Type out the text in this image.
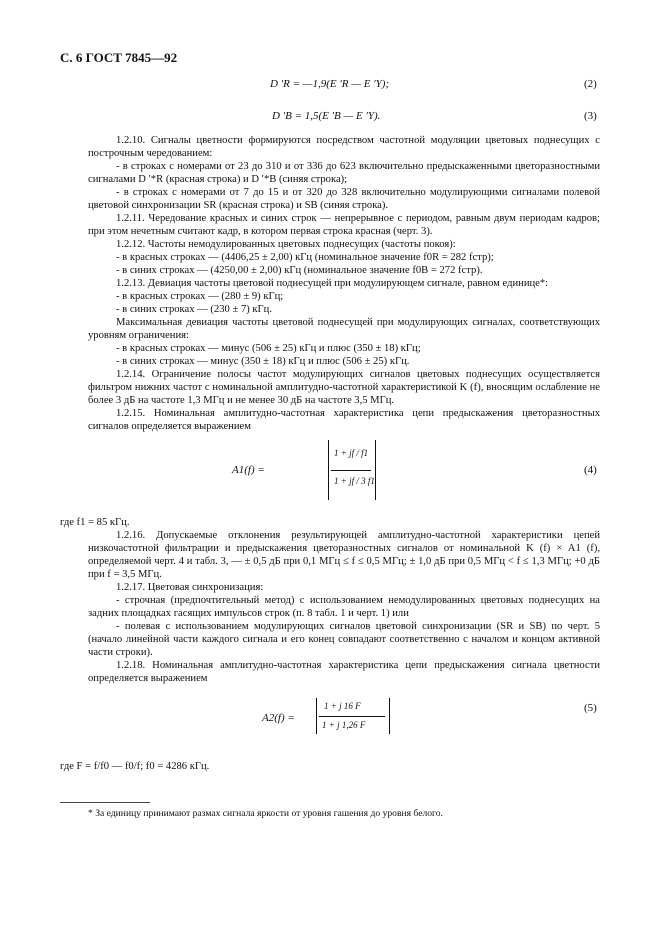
С. 6 ГОСТ 7845—92
D ′R = —1,9(E ′R — E ′Y);	(2)
D ′B = 1,5(E ′B — E ′Y).	(3)
1.2.10. Сигналы цветности формируются посредством частотной модуляции цветовых поднесущих с построчным чередованием:
- в строках с номерами от 23 до 310 и от 336 до 623 включительно предыскаженными цветоразностными сигналами D ′*R (красная строка) и D ′*B (синяя строка);
- в строках с номерами от 7 до 15 и от 320 до 328 включительно модулирующими сигналами полевой цветовой синхронизации SR (красная строка) и SB (синяя строка).
1.2.11. Чередование красных и синих строк — непрерывное с периодом, равным двум периодам кадров; при этом нечетным считают кадр, в котором первая строка красная (черт. 3).
1.2.12. Частоты немодулированных цветовых поднесущих (частоты покоя):
- в красных строках — (4406,25 ± 2,00) кГц (номинальное значение f0R = 282 fстр);
- в синих строках — (4250,00 ± 2,00) кГц (номинальное значение f0B = 272 fстр).
1.2.13. Девиация частоты цветовой поднесущей при модулирующем сигнале, равном единице*:
- в красных строках — (280 ± 9) кГц;
- в синих строках — (230 ± 7) кГц.
Максимальная девиация частоты цветовой поднесущей при модулирующих сигналах, соответствующих уровням ограничения:
- в красных строках — минус (506 ± 25) кГц и плюс (350 ± 18) кГц;
- в синих строках — минус (350 ± 18) кГц и плюс (506 ± 25) кГц.
1.2.14. Ограничение полосы частот модулирующих сигналов цветовых поднесущих осуществляется фильтром нижних частот с номинальной амплитудно-частотной характеристикой K (f), вносящим ослабление не более 3 дБ на частоте 1,3 МГц и не менее 30 дБ на частоте 3,5 МГц.
1.2.15. Номинальная амплитудно-частотная характеристика цепи предыскажения цветоразностных сигналов определяется выражением
A1(f) =
1 + jf / f1
1 + jf / 3 f1
(4)
где f1 = 85 кГц.
1.2.16. Допускаемые отклонения результирующей амплитудно-частотной характеристики цепей низкочастотной фильтрации и предыскажения цветоразностных сигналов от номинальной K (f) × A1 (f), определяемой черт. 4 и табл. 3, — ± 0,5 дБ при 0,1 МГц ≤ f ≤ 0,5 МГц; ± 1,0 дБ при 0,5 МГц < f ≤ 1,3 МГц; +0 дБ при f = 3,5 МГц.
1.2.17. Цветовая синхронизация:
- строчная (предпочтительный метод) с использованием немодулированных цветовых поднесущих на задних площадках гасящих импульсов строк (п. 8 табл. 1 и черт. 1) или
- полевая с использованием модулирующих сигналов цветовой синхронизации (SR и SB) по черт. 5 (начало линейной части каждого сигнала и его конец совпадают соответственно с началом и концом активной части строки).
1.2.18. Номинальная амплитудно-частотная характеристика цепи предыскажения сигнала цветности определяется выражением
A2(f) =
1 + j 16 F
1 + j 1,26 F
(5)
где F = f/f0 — f0/f; f0 = 4286 кГц.
* За единицу принимают размах сигнала яркости от уровня гашения до уровня белого.
